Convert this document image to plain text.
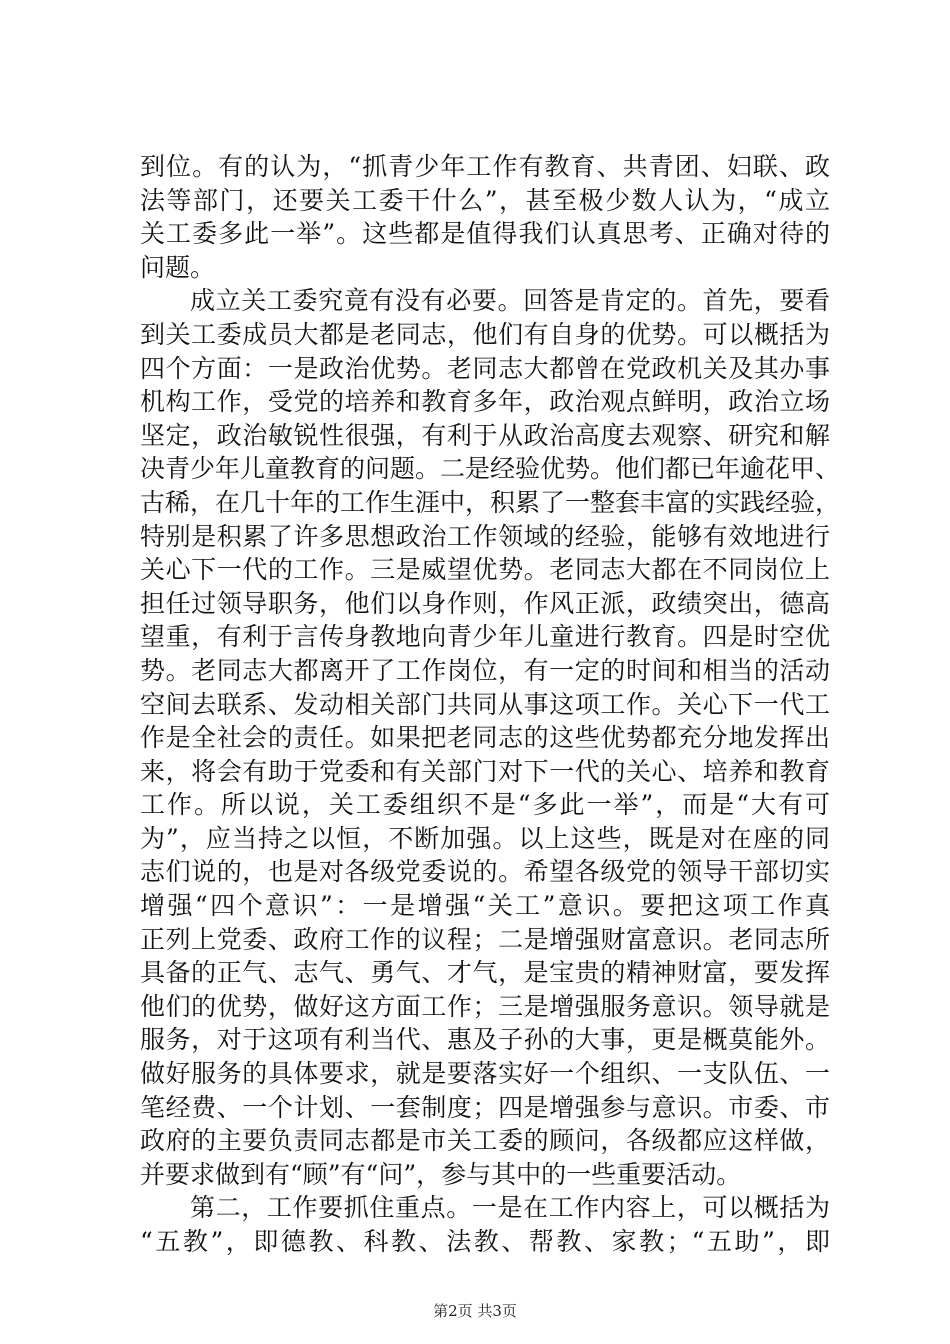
到位。有的认为，“抓青少年工作有教育、共青团、妇联、政
法等部门，还要关工委干什么”，甚至极少数人认为，“成立
关工委多此一举”。这些都是值得我们认真思考、正确对待的
问题。
成立关工委究竟有没有必要。回答是肯定的。首先，要看
到关工委成员大都是老同志，他们有自身的优势。可以概括为
四个方面：一是政治优势。老同志大都曾在党政机关及其办事
机构工作，受党的培养和教育多年，政治观点鲜明，政治立场
坚定，政治敏锐性很强，有利于从政治高度去观察、研究和解
决青少年儿童教育的问题。二是经验优势。他们都已年逾花甲、
古稀，在几十年的工作生涯中，积累了一整套丰富的实践经验，
特别是积累了许多思想政治工作领域的经验，能够有效地进行
关心下一代的工作。三是威望优势。老同志大都在不同岗位上
担任过领导职务，他们以身作则，作风正派，政绩突出，德高
望重，有利于言传身教地向青少年儿童进行教育。四是时空优
势。老同志大都离开了工作岗位，有一定的时间和相当的活动
空间去联系、发动相关部门共同从事这项工作。关心下一代工
作是全社会的责任。如果把老同志的这些优势都充分地发挥出
来，将会有助于党委和有关部门对下一代的关心、培养和教育
工作。所以说，关工委组织不是“多此一举”，而是“大有可
为”，应当持之以恒，不断加强。以上这些，既是对在座的同
志们说的，也是对各级党委说的。希望各级党的领导干部切实
增强“四个意识”：一是增强“关工”意识。要把这项工作真
正列上党委、政府工作的议程；二是增强财富意识。老同志所
具备的正气、志气、勇气、才气，是宝贵的精神财富，要发挥
他们的优势，做好这方面工作；三是增强服务意识。领导就是
服务，对于这项有利当代、惠及子孙的大事，更是概莫能外。
做好服务的具体要求，就是要落实好一个组织、一支队伍、一
笔经费、一个计划、一套制度；四是增强参与意识。市委、市
政府的主要负责同志都是市关工委的顾问，各级都应这样做，
并要求做到有“顾”有“问”，参与其中的一些重要活动。
第二，工作要抓住重点。一是在工作内容上，可以概括为
“五教”，即德教、科教、法教、帮教、家教；“五助”，即
第2页 共3页
